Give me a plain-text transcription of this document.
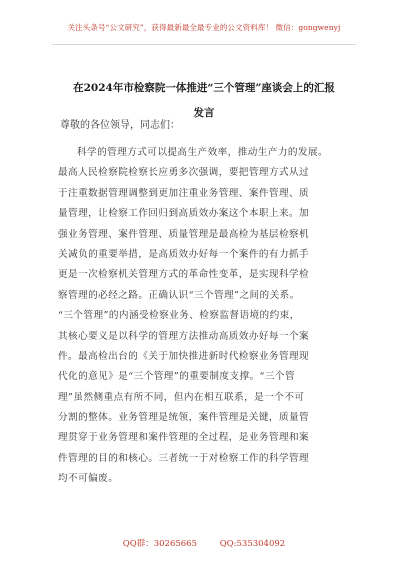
关注头条号“公文研究”，获得最新最全最专业的公文资料库！ 微信：gongwenyj
在2024年市检察院一体推进“三个管理”座谈会上的汇报
发言
尊敬的各位领导，同志们：
科学的管理方式可以提高生产效率，推动生产力的发展。
最高人民检察院检察长应勇多次强调，要把管理方式从过
于注重数据管理调整到更加注重业务管理、案件管理、质
量管理，让检察工作回归到高质效办案这个本职上来。加
强业务管理、案件管理、质量管理是最高检为基层检察机
关减负的重要举措，是高质效办好每一个案件的有力抓手
更是一次检察机关管理方式的革命性变革，是实现科学检
察管理的必经之路。正确认识“三个管理”之间的关系。
“三个管理”的内涵受检察业务、检察监督语境的约束，
其核心要义是以科学的管理方法推动高质效办好每一个案
件。最高检出台的《关于加快推进新时代检察业务管理现
代化的意见》是“三个管理”的重要制度支撑。“三个管
理”虽然侧重点有所不同，但内在相互联系，是一个不可
分割的整体。业务管理是统领，案件管理是关键，质量管
理贯穿于业务管理和案件管理的全过程，是业务管理和案
件管理的目的和核心。三者统一于对检察工作的科学管理
均不可偏废。
QQ群：30265665	QQ:535304092
